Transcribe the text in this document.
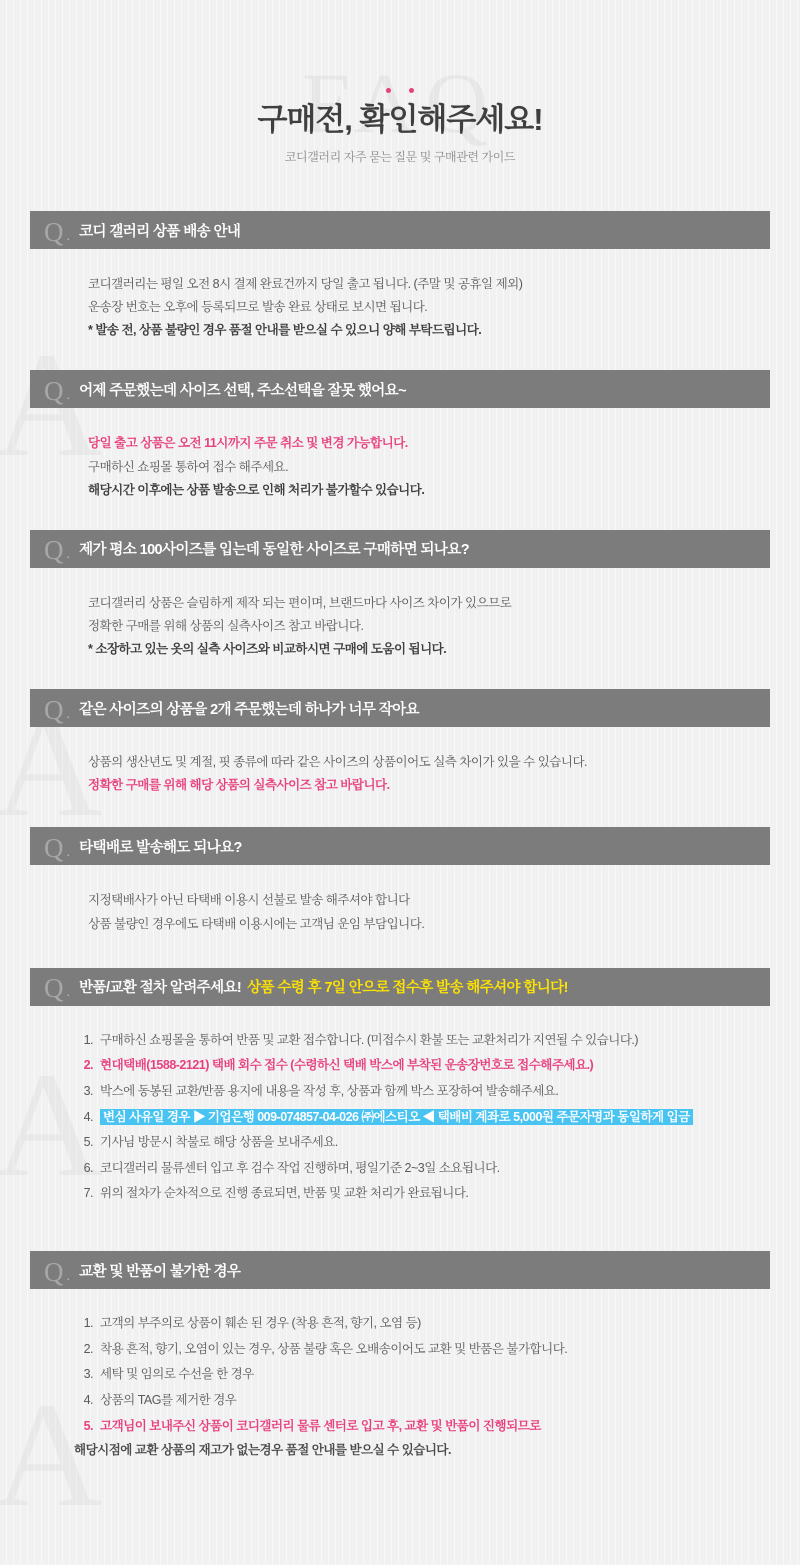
구매전, 확인해주세요!
코디갤러리 자주 묻는 질문 및 구매관련 가이드
Q . 코디 갤러리 상품 배송 안내

코디갤러리는 평일 오전 8시 결제 완료건까지 당일 출고 됩니다. (주말 및 공휴일 제외)

운송장 번호는 오후에 등록되므로 발송 완료 상태로 보시면 됩니다.

* 발송 전, 상품 불량인 경우 품절 안내를 받으실 수 있으니 양해 부탁드립니다.

Q . 어제 주문했는데 사이즈 선택, 주소선택을 잘못 했어요~

당일 출고 상품은 오전 11시까지 주문 취소 및 변경 가능합니다.

구매하신 쇼핑몰 통하여 접수 해주세요.

해당시간 이후에는 상품 발송으로 인해 처리가 불가할수 있습니다.

Q . 제가 평소 100사이즈를 입는데 동일한 사이즈로 구매하면 되나요?

코디갤러리 상품은 슬림하게 제작 되는 편이며, 브랜드마다 사이즈 차이가 있으므로

정확한 구매를 위해 상품의 실측사이즈 참고 바랍니다.

* 소장하고 있는 옷의 실측 사이즈와 비교하시면 구매에 도움이 됩니다.

Q . 같은 사이즈의 상품을 2개 주문했는데 하나가 너무 작아요

상품의 생산년도 및 계절, 핏 종류에 따라 같은 사이즈의 상품이어도 실측 차이가 있을 수 있습니다.

정확한 구매를 위해 해당 상품의 실측사이즈 참고 바랍니다.

Q . 타택배로 발송해도 되나요?

지정택배사가 아닌 타택배 이용시 선불로 발송 해주셔야 합니다

상품 불량인 경우에도 타택배 이용시에는 고객님 운임 부담입니다.

Q . 반품/교환 절차 알려주세요! 상품 수령 후 7일 안으로 접수후 발송 해주셔야 합니다!
1. 구매하신 쇼핑몰을 통하여 반품 및 교환 접수합니다. (미접수시 환불 또는 교환처리가 지연될 수 있습니다.)
2. 현대택배(1588-2121) 택배 회수 접수 (수령하신 택배 박스에 부착된 운송장번호로 접수해주세요.)
3. 박스에 동봉된 교환/반품 용지에 내용을 작성 후, 상품과 함께 박스 포장하여 발송해주세요.
4. 변심 사유일 경우 ▶ 기업은행 009-074857-04-026 ㈜에스티오 ◀ 택배비 계좌로 5,000원 주문자명과 동일하게 입금
5. 기사님 방문시 착불로 해당 상품을 보내주세요.
6. 코디갤러리 물류센터 입고 후 검수 작업 진행하며, 평일기준 2~3일 소요됩니다.
7. 위의 절차가 순차적으로 진행 종료되면, 반품 및 교환 처리가 완료됩니다.
Q . 교환 및 반품이 불가한 경우
1. 고객의 부주의로 상품이 훼손 된 경우 (착용 흔적, 향기, 오염 등)
2. 착용 흔적, 향기, 오염이 있는 경우, 상품 불량 혹은 오배송이어도 교환 및 반품은 불가합니다.
3. 세탁 및 임의로 수선을 한 경우
4. 상품의 TAG를 제거한 경우
5. 고객님이 보내주신 상품이 코디갤러리 물류 센터로 입고 후, 교환 및 반품이 진행되므로

해당시점에 교환 상품의 재고가 없는경우 품절 안내를 받으실 수 있습니다.
